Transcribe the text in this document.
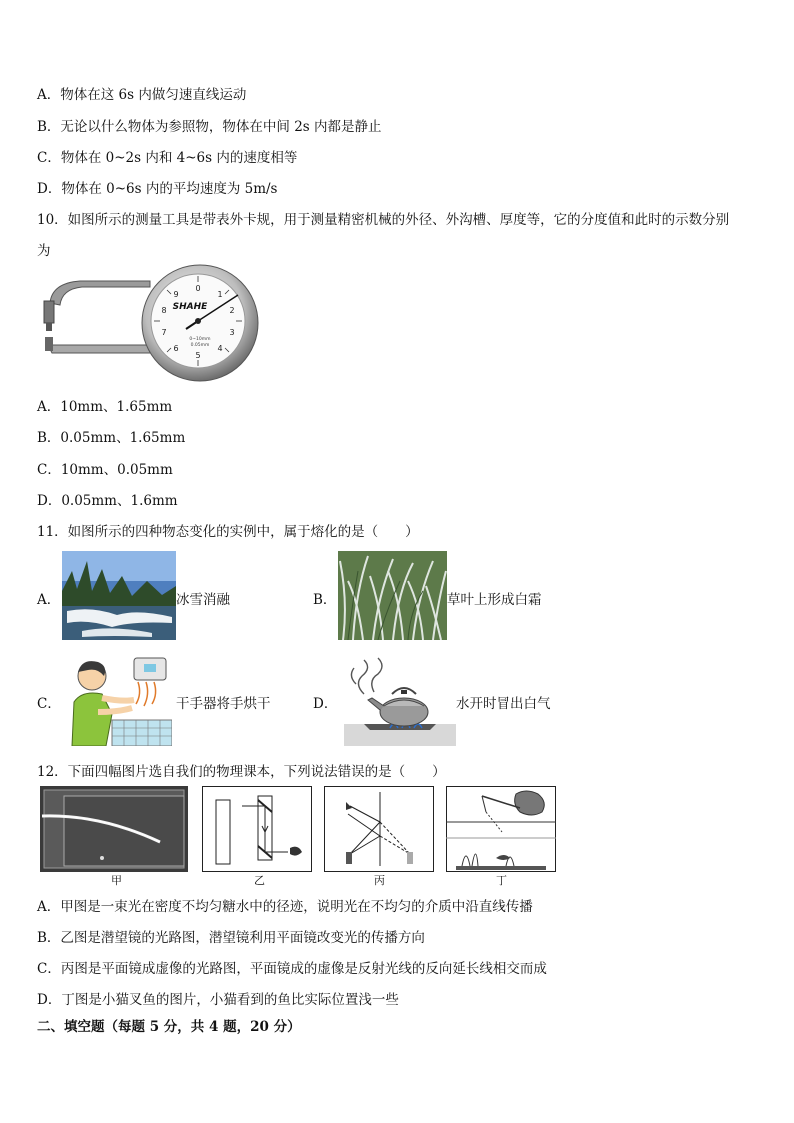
A．物体在这 6s 内做匀速直线运动
B．无论以什么物体为参照物，物体在中间 2s 内都是静止
C．物体在 0~2s 内和 4~6s 内的速度相等
D．物体在 0~6s 内的平均速度为 5m/s
10．如图所示的测量工具是带表外卡规，用于测量精密机械的外径、外沟槽、厚度等，它的分度值和此时的示数分别
为
0
1
2
3
4
5
6
7
8
9
SHAHE
0~10mm
0.05mm
A．10mm、1.65mm
B．0.05mm、1.65mm
C．10mm、0.05mm
D．0.05mm、1.6mm
11．如图所示的四种物态变化的实例中，属于熔化的是（　　）
A．	冰雪消融	B．	草叶上形成白霜
C．	干手器将手烘干	D．	水开时冒出白气
12．下面四幅图片选自我们的物理课本，下列说法错误的是（　　）
甲	乙	丙	丁
A．甲图是一束光在密度不均匀糖水中的径迹，说明光在不均匀的介质中沿直线传播
B．乙图是潜望镜的光路图，潜望镜利用平面镜改变光的传播方向
C．丙图是平面镜成虚像的光路图，平面镜成的虚像是反射光线的反向延长线相交而成
D．丁图是小猫叉鱼的图片，小猫看到的鱼比实际位置浅一些
二、填空题（每题 5 分，共 4 题，20 分）
